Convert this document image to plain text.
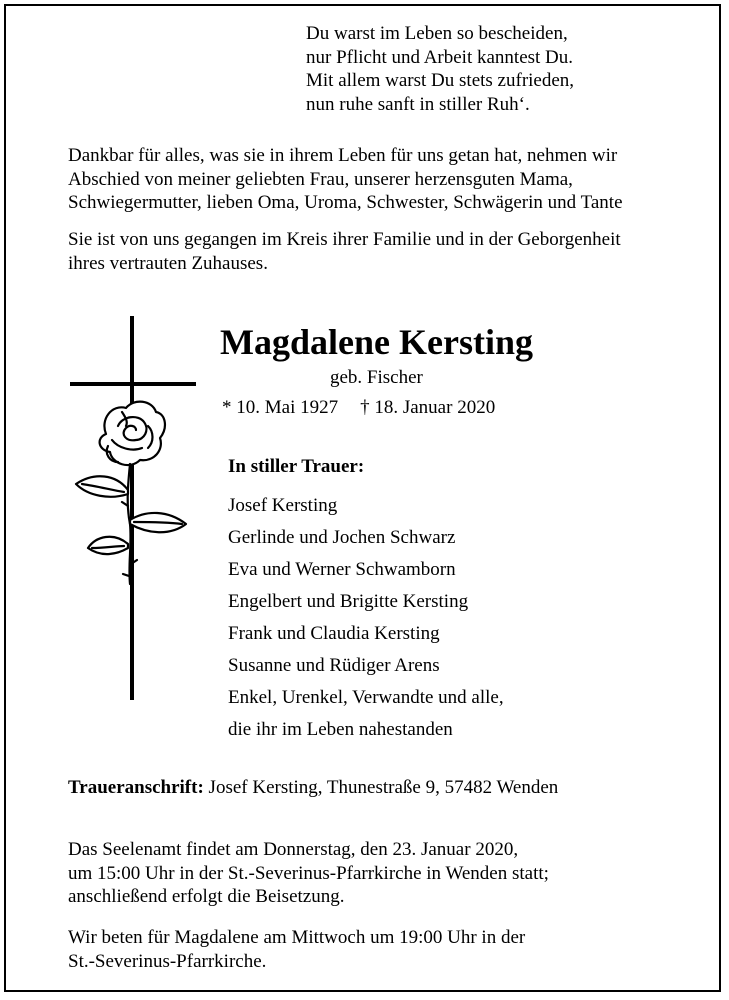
Du warst im Leben so bescheiden,
nur Pflicht und Arbeit kanntest Du.
Mit allem warst Du stets zufrieden,
nun ruhe sanft in stiller Ruh‘.
Dankbar für alles, was sie in ihrem Leben für uns getan hat, nehmen wir
Abschied von meiner geliebten Frau, unserer herzensguten Mama,
Schwiegermutter, lieben Oma, Uroma, Schwester, Schwägerin und Tante
Sie ist von uns gegangen im Kreis ihrer Familie und in der Geborgenheit
ihres vertrauten Zuhauses.
Magdalene Kersting
geb. Fischer
* 10. Mai 1927 † 18. Januar 2020
In stiller Trauer:
Josef Kersting
Gerlinde und Jochen Schwarz
Eva und Werner Schwamborn
Engelbert und Brigitte Kersting
Frank und Claudia Kersting
Susanne und Rüdiger Arens
Enkel, Urenkel, Verwandte und alle,
die ihr im Leben nahestanden
Traueranschrift: Josef Kersting, Thunestraße 9, 57482 Wenden
Das Seelenamt findet am Donnerstag, den 23. Januar 2020,
um 15:00 Uhr in der St.-Severinus-Pfarrkirche in Wenden statt;
anschließend erfolgt die Beisetzung.
Wir beten für Magdalene am Mittwoch um 19:00 Uhr in der
St.-Severinus-Pfarrkirche.
